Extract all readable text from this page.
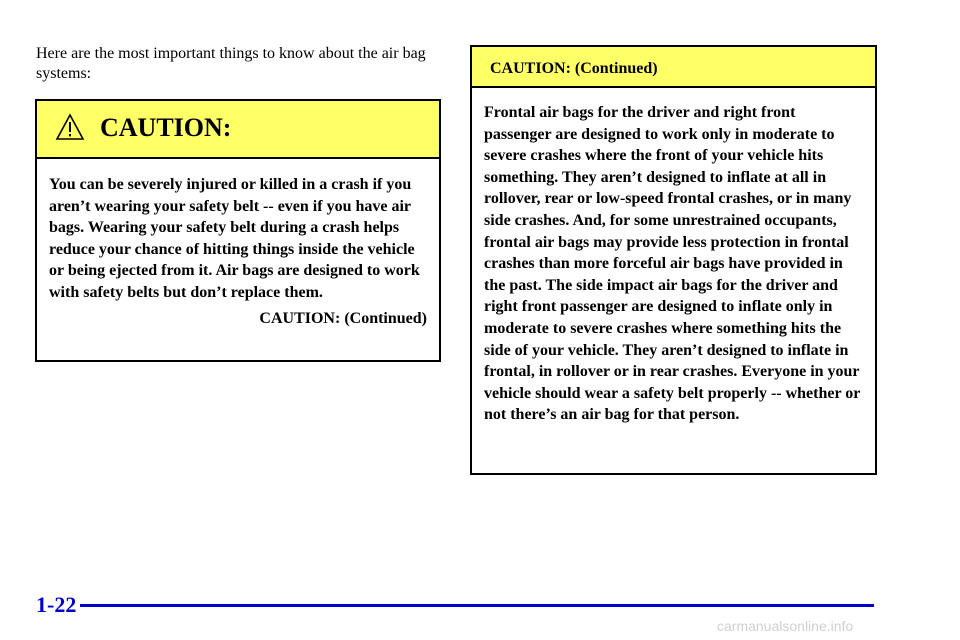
Here are the most important things to know about the air bag systems:

CAUTION:

You can be severely injured or killed in a crash if you aren’t wearing your safety belt -- even if you have air bags. Wearing your safety belt during a crash helps reduce your chance of hitting things inside the vehicle or being ejected from it. Air bags are designed to work with safety belts but don’t replace them.

CAUTION: (Continued)

CAUTION: (Continued)

Frontal air bags for the driver and right front passenger are designed to work only in moderate to severe crashes where the front of your vehicle hits something. They aren’t designed to inflate at all in rollover, rear or low-speed frontal crashes, or in many side crashes. And, for some unrestrained occupants, frontal air bags may provide less protection in frontal crashes than more forceful air bags have provided in the past. The side impact air bags for the driver and right front passenger are designed to inflate only in moderate to severe crashes where something hits the side of your vehicle. They aren’t designed to inflate in frontal, in rollover or in rear crashes. Everyone in your vehicle should wear a safety belt properly -- whether or not there’s an air bag for that person.

1-22
carmanualsonline.info
